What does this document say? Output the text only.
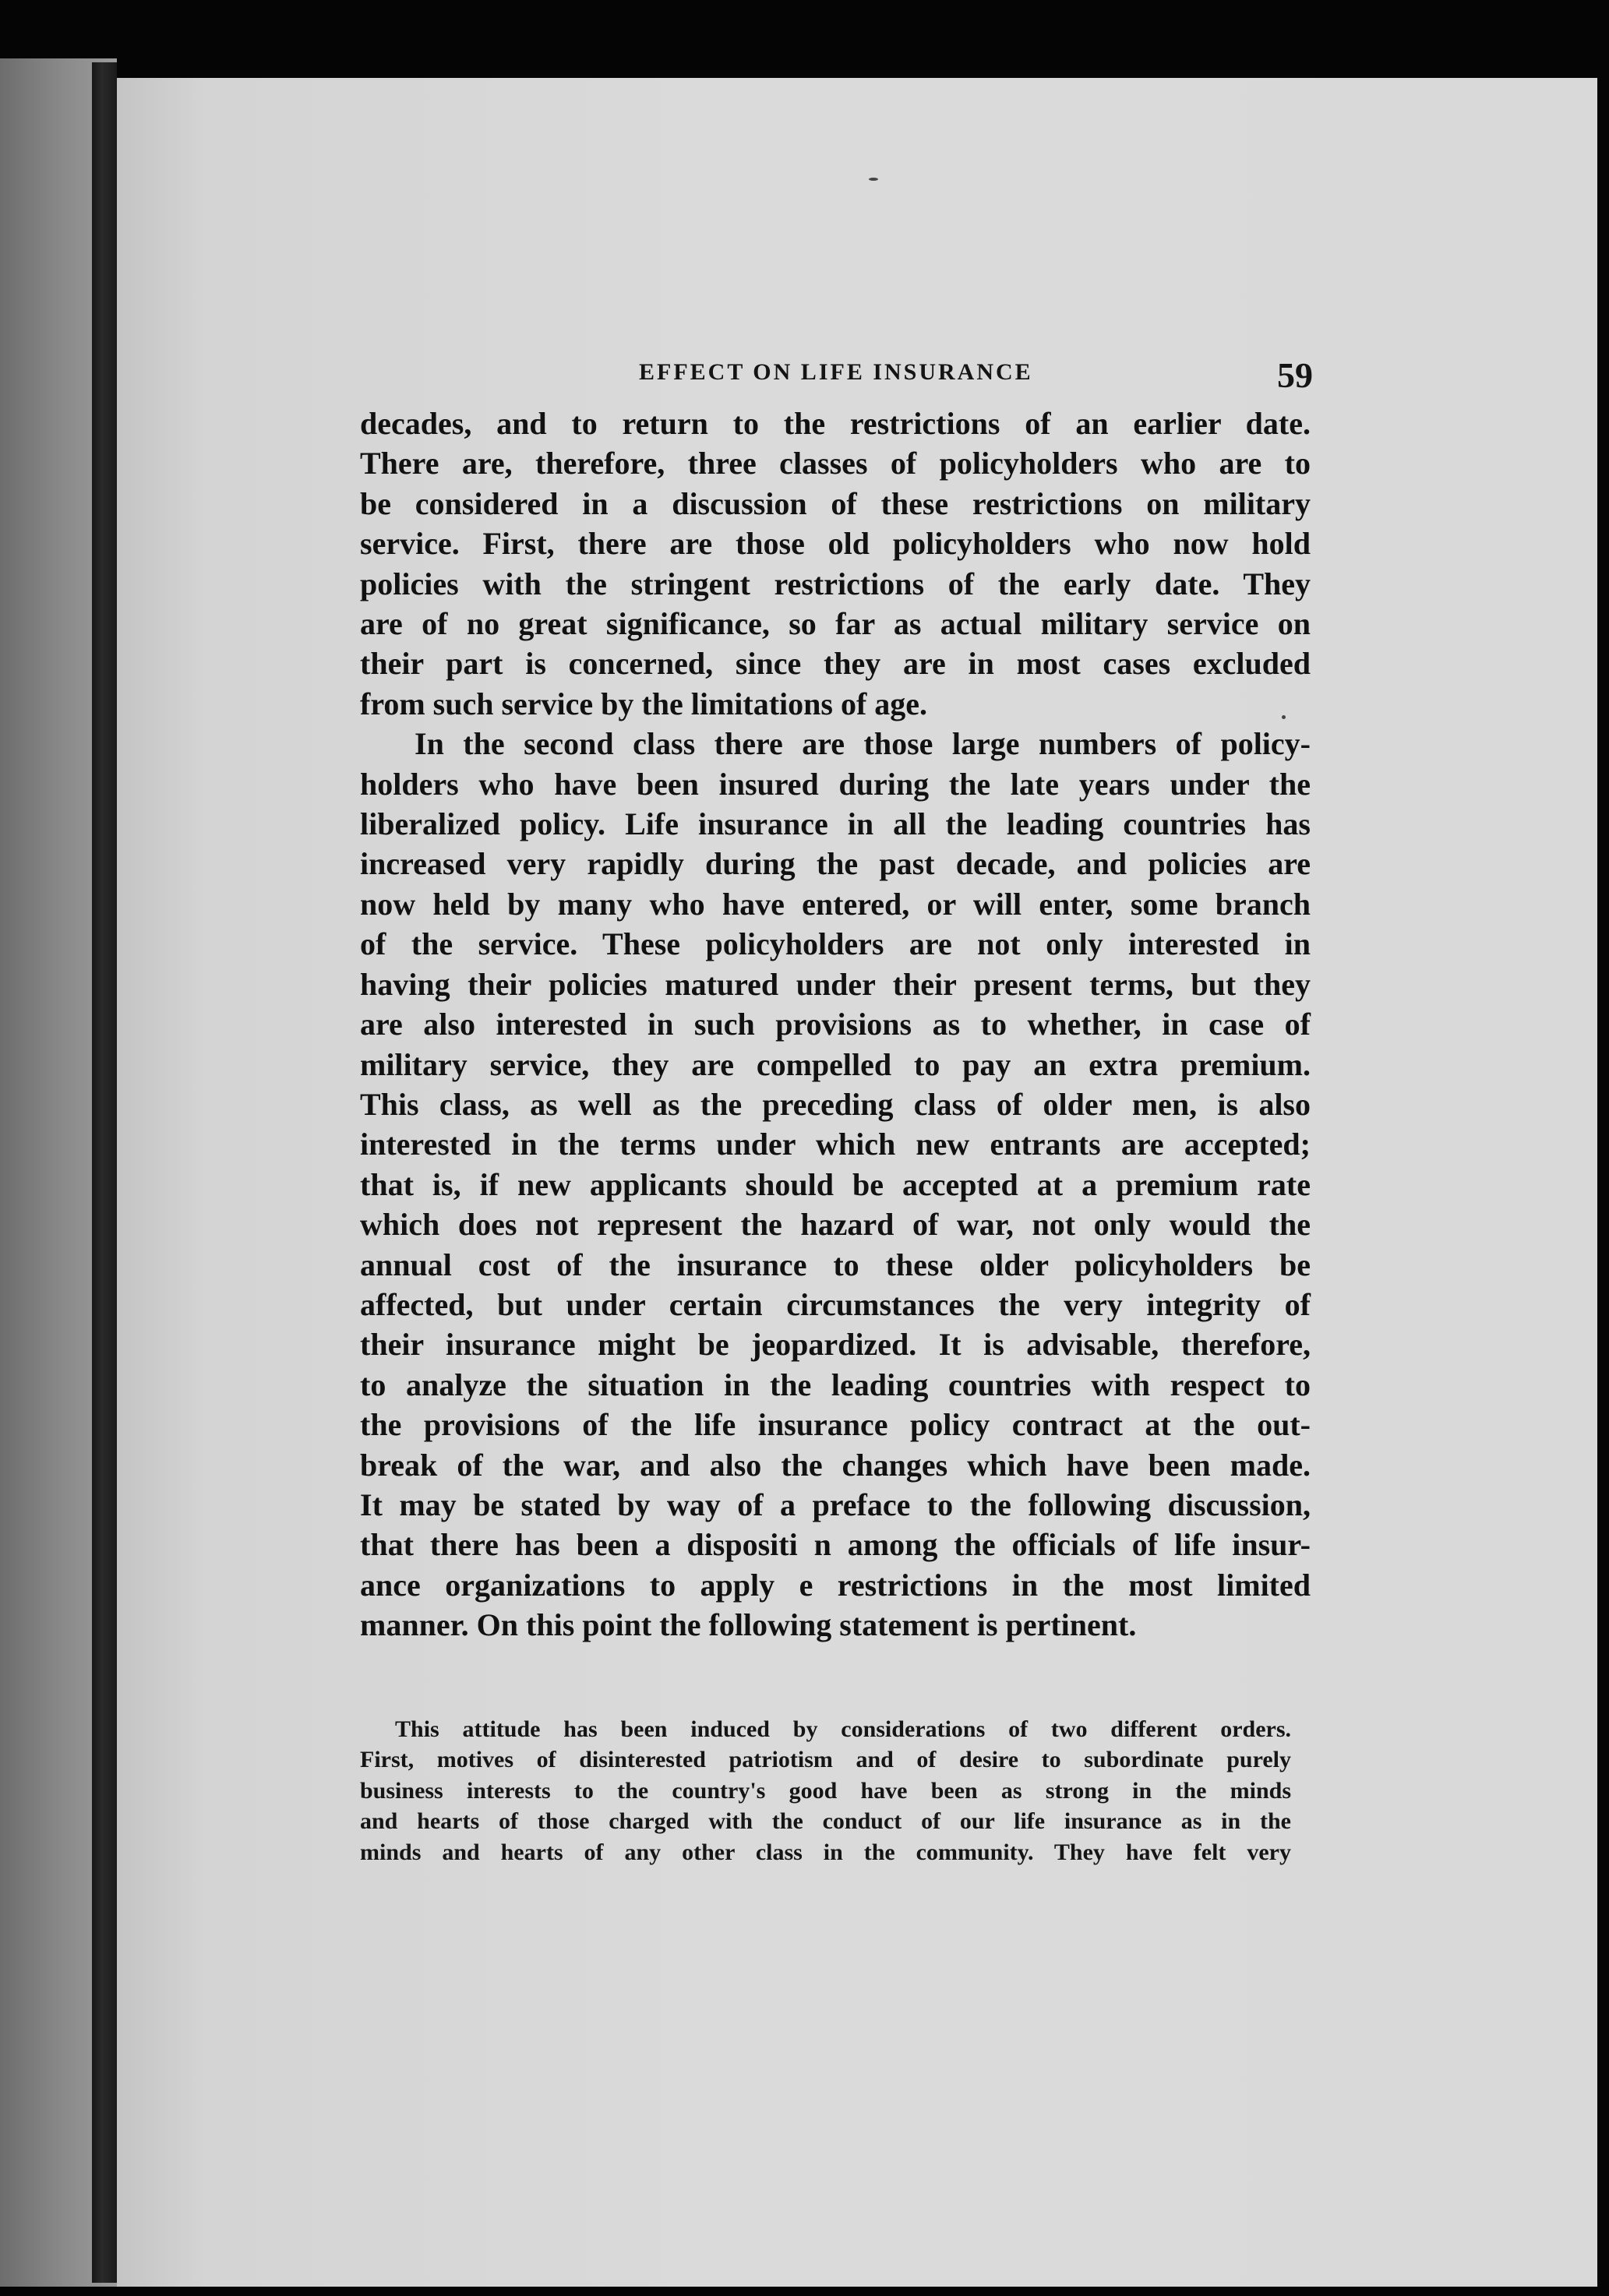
EFFECT ON LIFE INSURANCE	59
decades, and to return to the restrictions of an earlier date.
There are, therefore, three classes of policyholders who are to
be considered in a discussion of these restrictions on military
service. First, there are those old policyholders who now hold
policies with the stringent restrictions of the early date. They
are of no great significance, so far as actual military service on
their part is concerned, since they are in most cases excluded
from such service by the limitations of age.
In the second class there are those large numbers of policy-
holders who have been insured during the late years under the
liberalized policy. Life insurance in all the leading countries has
increased very rapidly during the past decade, and policies are
now held by many who have entered, or will enter, some branch
of the service. These policyholders are not only interested in
having their policies matured under their present terms, but they
are also interested in such provisions as to whether, in case of
military service, they are compelled to pay an extra premium.
This class, as well as the preceding class of older men, is also
interested in the terms under which new entrants are accepted;
that is, if new applicants should be accepted at a premium rate
which does not represent the hazard of war, not only would the
annual cost of the insurance to these older policyholders be
affected, but under certain circumstances the very integrity of
their insurance might be jeopardized. It is advisable, therefore,
to analyze the situation in the leading countries with respect to
the provisions of the life insurance policy contract at the out-
break of the war, and also the changes which have been made.
It may be stated by way of a preface to the following discussion,
that there has been a dispositi n among the officials of life insur-
ance organizations to apply e restrictions in the most limited
manner. On this point the following statement is pertinent.
This attitude has been induced by considerations of two different orders.
First, motives of disinterested patriotism and of desire to subordinate purely
business interests to the country's good have been as strong in the minds
and hearts of those charged with the conduct of our life insurance as in the
minds and hearts of any other class in the community. They have felt very
